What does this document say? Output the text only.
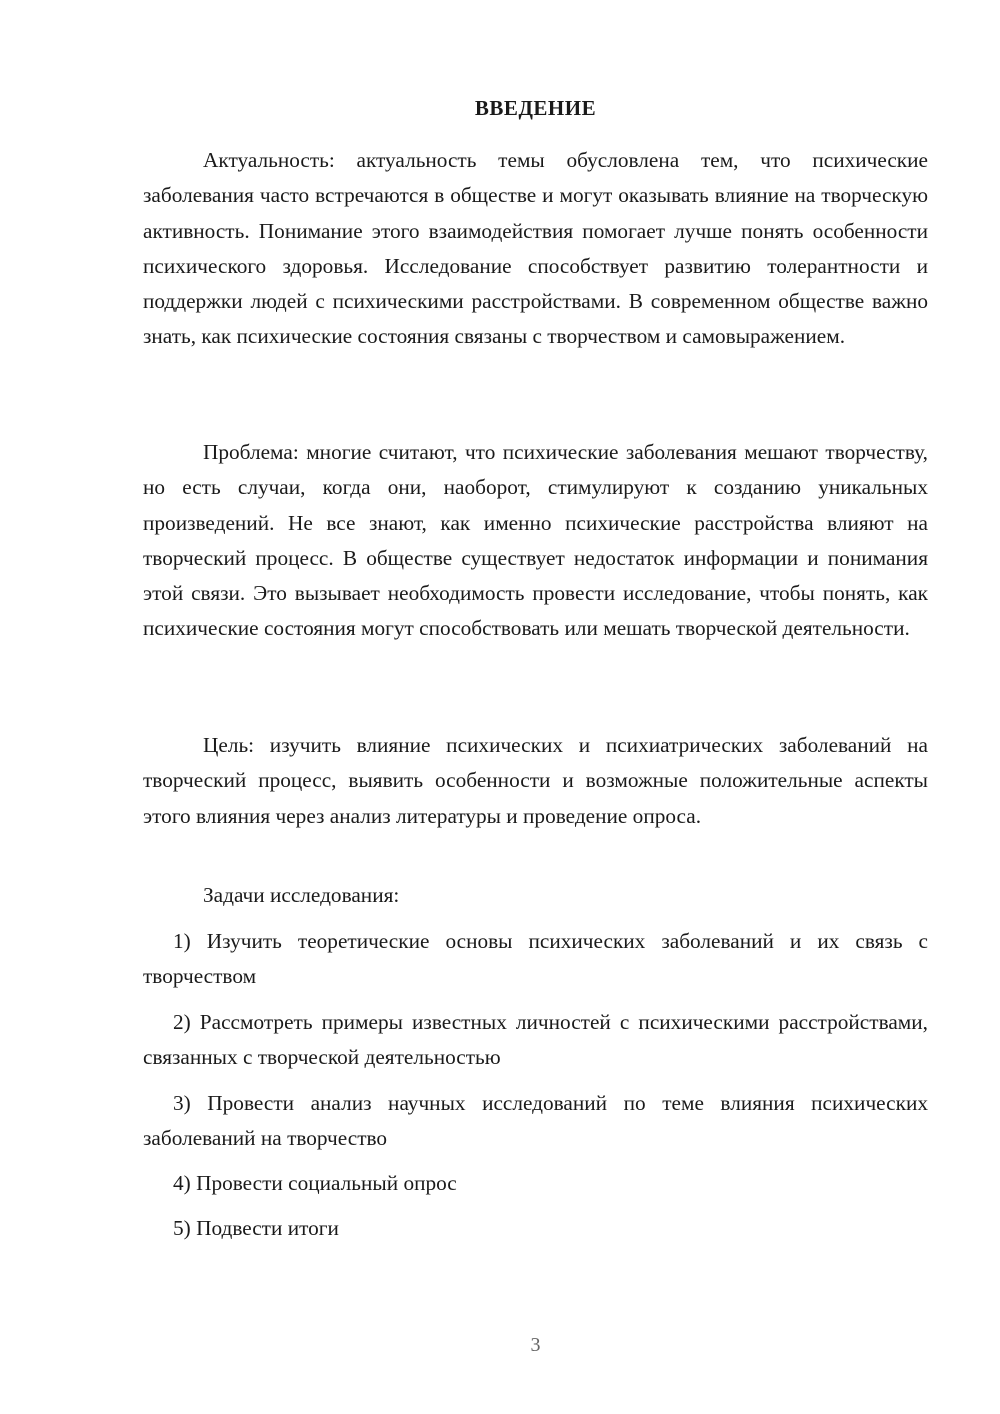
ВВЕДЕНИЕ

Актуальность: актуальность темы обусловлена тем, что психические заболевания часто встречаются в обществе и могут оказывать влияние на творческую активность. Понимание этого взаимодействия помогает лучше понять особенности психического здоровья. Исследование способствует развитию толерантности и поддержки людей с психическими расстройствами. В современном обществе важно знать, как психические состояния связаны с творчеством и самовыражением.

Проблема: многие считают, что психические заболевания мешают творчеству, но есть случаи, когда они, наоборот, стимулируют к созданию уникальных произведений. Не все знают, как именно психические расстройства влияют на творческий процесс. В обществе существует недостаток информации и понимания этой связи. Это вызывает необходимость провести исследование, чтобы понять, как психические состояния могут способствовать или мешать творческой деятельности.

Цель: изучить влияние психических и психиатрических заболеваний на творческий процесс, выявить особенности и возможные положительные аспекты этого влияния через анализ литературы и проведение опроса.

Задачи исследования:

1) Изучить теоретические основы психических заболеваний и их связь с творчеством

2) Рассмотреть примеры известных личностей с психическими расстройствами, связанных с творческой деятельностью

3) Провести анализ научных исследований по теме влияния психических заболеваний на творчество

4) Провести социальный опрос

5) Подвести итоги

3
